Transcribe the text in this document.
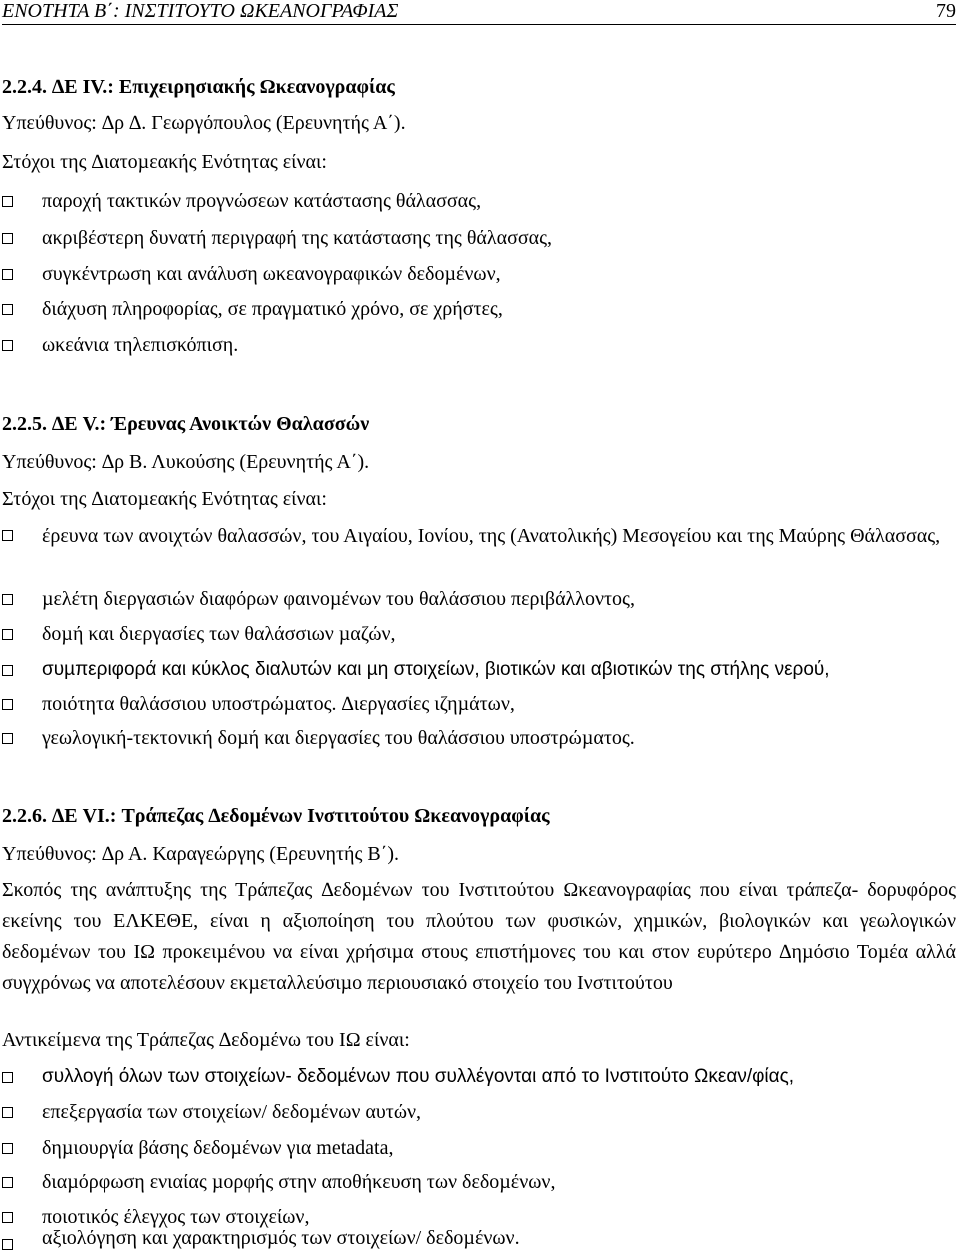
ΕΝΟΤΗΤΑ Β΄: ΙΝΣΤΙΤΟΥΤΟ ΩΚΕΑΝΟΓΡΑΦΙΑΣ	79
2.2.4. ∆Ε IV.: Επιχειρησιακής Ωκεανογραφίας
Υπεύθυνος: ∆ρ ∆. Γεωργόπουλος (Ερευνητής Α΄).
Στόχοι της ∆ιατοµεακής Ενότητας είναι:
παροχή τακτικών προγνώσεων κατάστασης θάλασσας,
ακριβέστερη δυνατή περιγραφή της κατάστασης της θάλασσας,
συγκέντρωση και ανάλυση ωκεανογραφικών δεδοµένων,
διάχυση πληροφορίας, σε πραγµατικό χρόνο, σε χρήστες,
ωκεάνια τηλεπισκόπιση.
2.2.5. ∆Ε V.: Έρευνας Ανοικτών Θαλασσών
Υπεύθυνος: ∆ρ Β. Λυκούσης (Ερευνητής Α΄).
Στόχοι της ∆ιατοµεακής Ενότητας είναι:
έρευνα των ανοιχτών θαλασσών, του Αιγαίου, Ιονίου, της (Ανατολικής) Μεσογείου και της Μαύρης Θάλασσας,
µελέτη διεργασιών διαφόρων φαινοµένων του θαλάσσιου περιβάλλοντος,
δοµή και διεργασίες των θαλάσσιων µαζών,
συµπεριφορά και κύκλος διαλυτών και µη στοιχείων, βιοτικών και αβιοτικών της στήλης νερού,
ποιότητα θαλάσσιου υποστρώµατος. ∆ιεργασίες ιζηµάτων,
γεωλογική-τεκτονική δοµή και διεργασίες του θαλάσσιου υποστρώµατος.
2.2.6. ∆Ε VI.: Τράπεζας ∆εδοµένων Ινστιτούτου Ωκεανογραφίας
Υπεύθυνος: ∆ρ Α. Καραγεώργης (Ερευνητής Β΄).
Σκοπός της ανάπτυξης της Τράπεζας ∆εδοµένων του Ινστιτούτου Ωκεανογραφίας που είναι τράπεζα- δορυφόρος εκείνης του ΕΛΚΕΘΕ, είναι η αξιοποίηση του πλούτου των φυσικών, χηµικών, βιολογικών και γεωλογικών δεδοµένων του ΙΩ προκειµένου να είναι χρήσιµα στους επιστήµονες του και στον ευρύτερο ∆ηµόσιο Τοµέα αλλά συγχρόνως να αποτελέσουν εκµεταλλεύσιµο περιουσιακό στοιχείο του Ινστιτούτου
Αντικείµενα της Τράπεζας ∆εδοµένω του ΙΩ είναι:
συλλογή όλων των στοιχείων- δεδοµένων που συλλέγονται από το Ινστιτούτο Ωκεαν/φίας,
επεξεργασία των στοιχείων/ δεδοµένων αυτών,
δηµιουργία βάσης δεδοµένων για metadata,
διαµόρφωση ενιαίας µορφής στην αποθήκευση των δεδοµένων,
ποιοτικός έλεγχος των στοιχείων,
αξιολόγηση και χαρακτηρισµός των στοιχείων/ δεδοµένων.
